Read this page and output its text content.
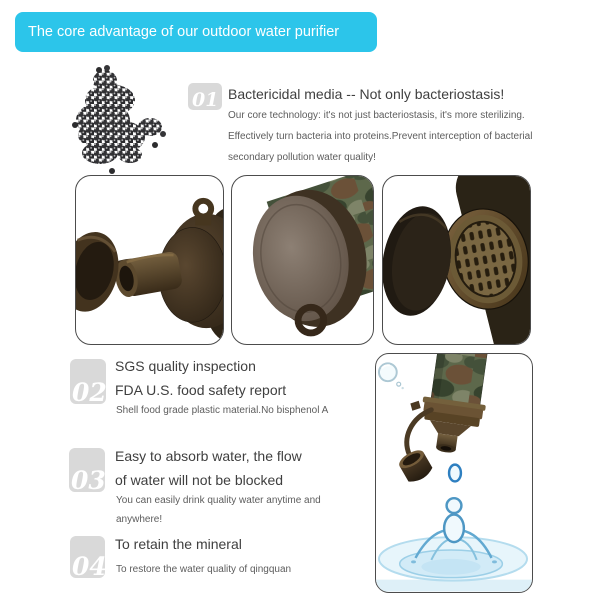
The core advantage of our outdoor water purifier
01 Bactericidal media -- Not only bacteriostasis!
Our core technology: it's not just bacteriostasis, it's more sterilizing.
Effectively turn bacteria into proteins.Prevent interception of bacterial
secondary pollution water quality!
02
SGS quality inspection
FDA U.S. food safety report
Shell food grade plastic material.No bisphenol A
03
Easy to absorb water, the flow
of water will not be blocked
You can easily drink quality water anytime and
anywhere!
04
To retain the mineral
To restore the water quality of qingquan
